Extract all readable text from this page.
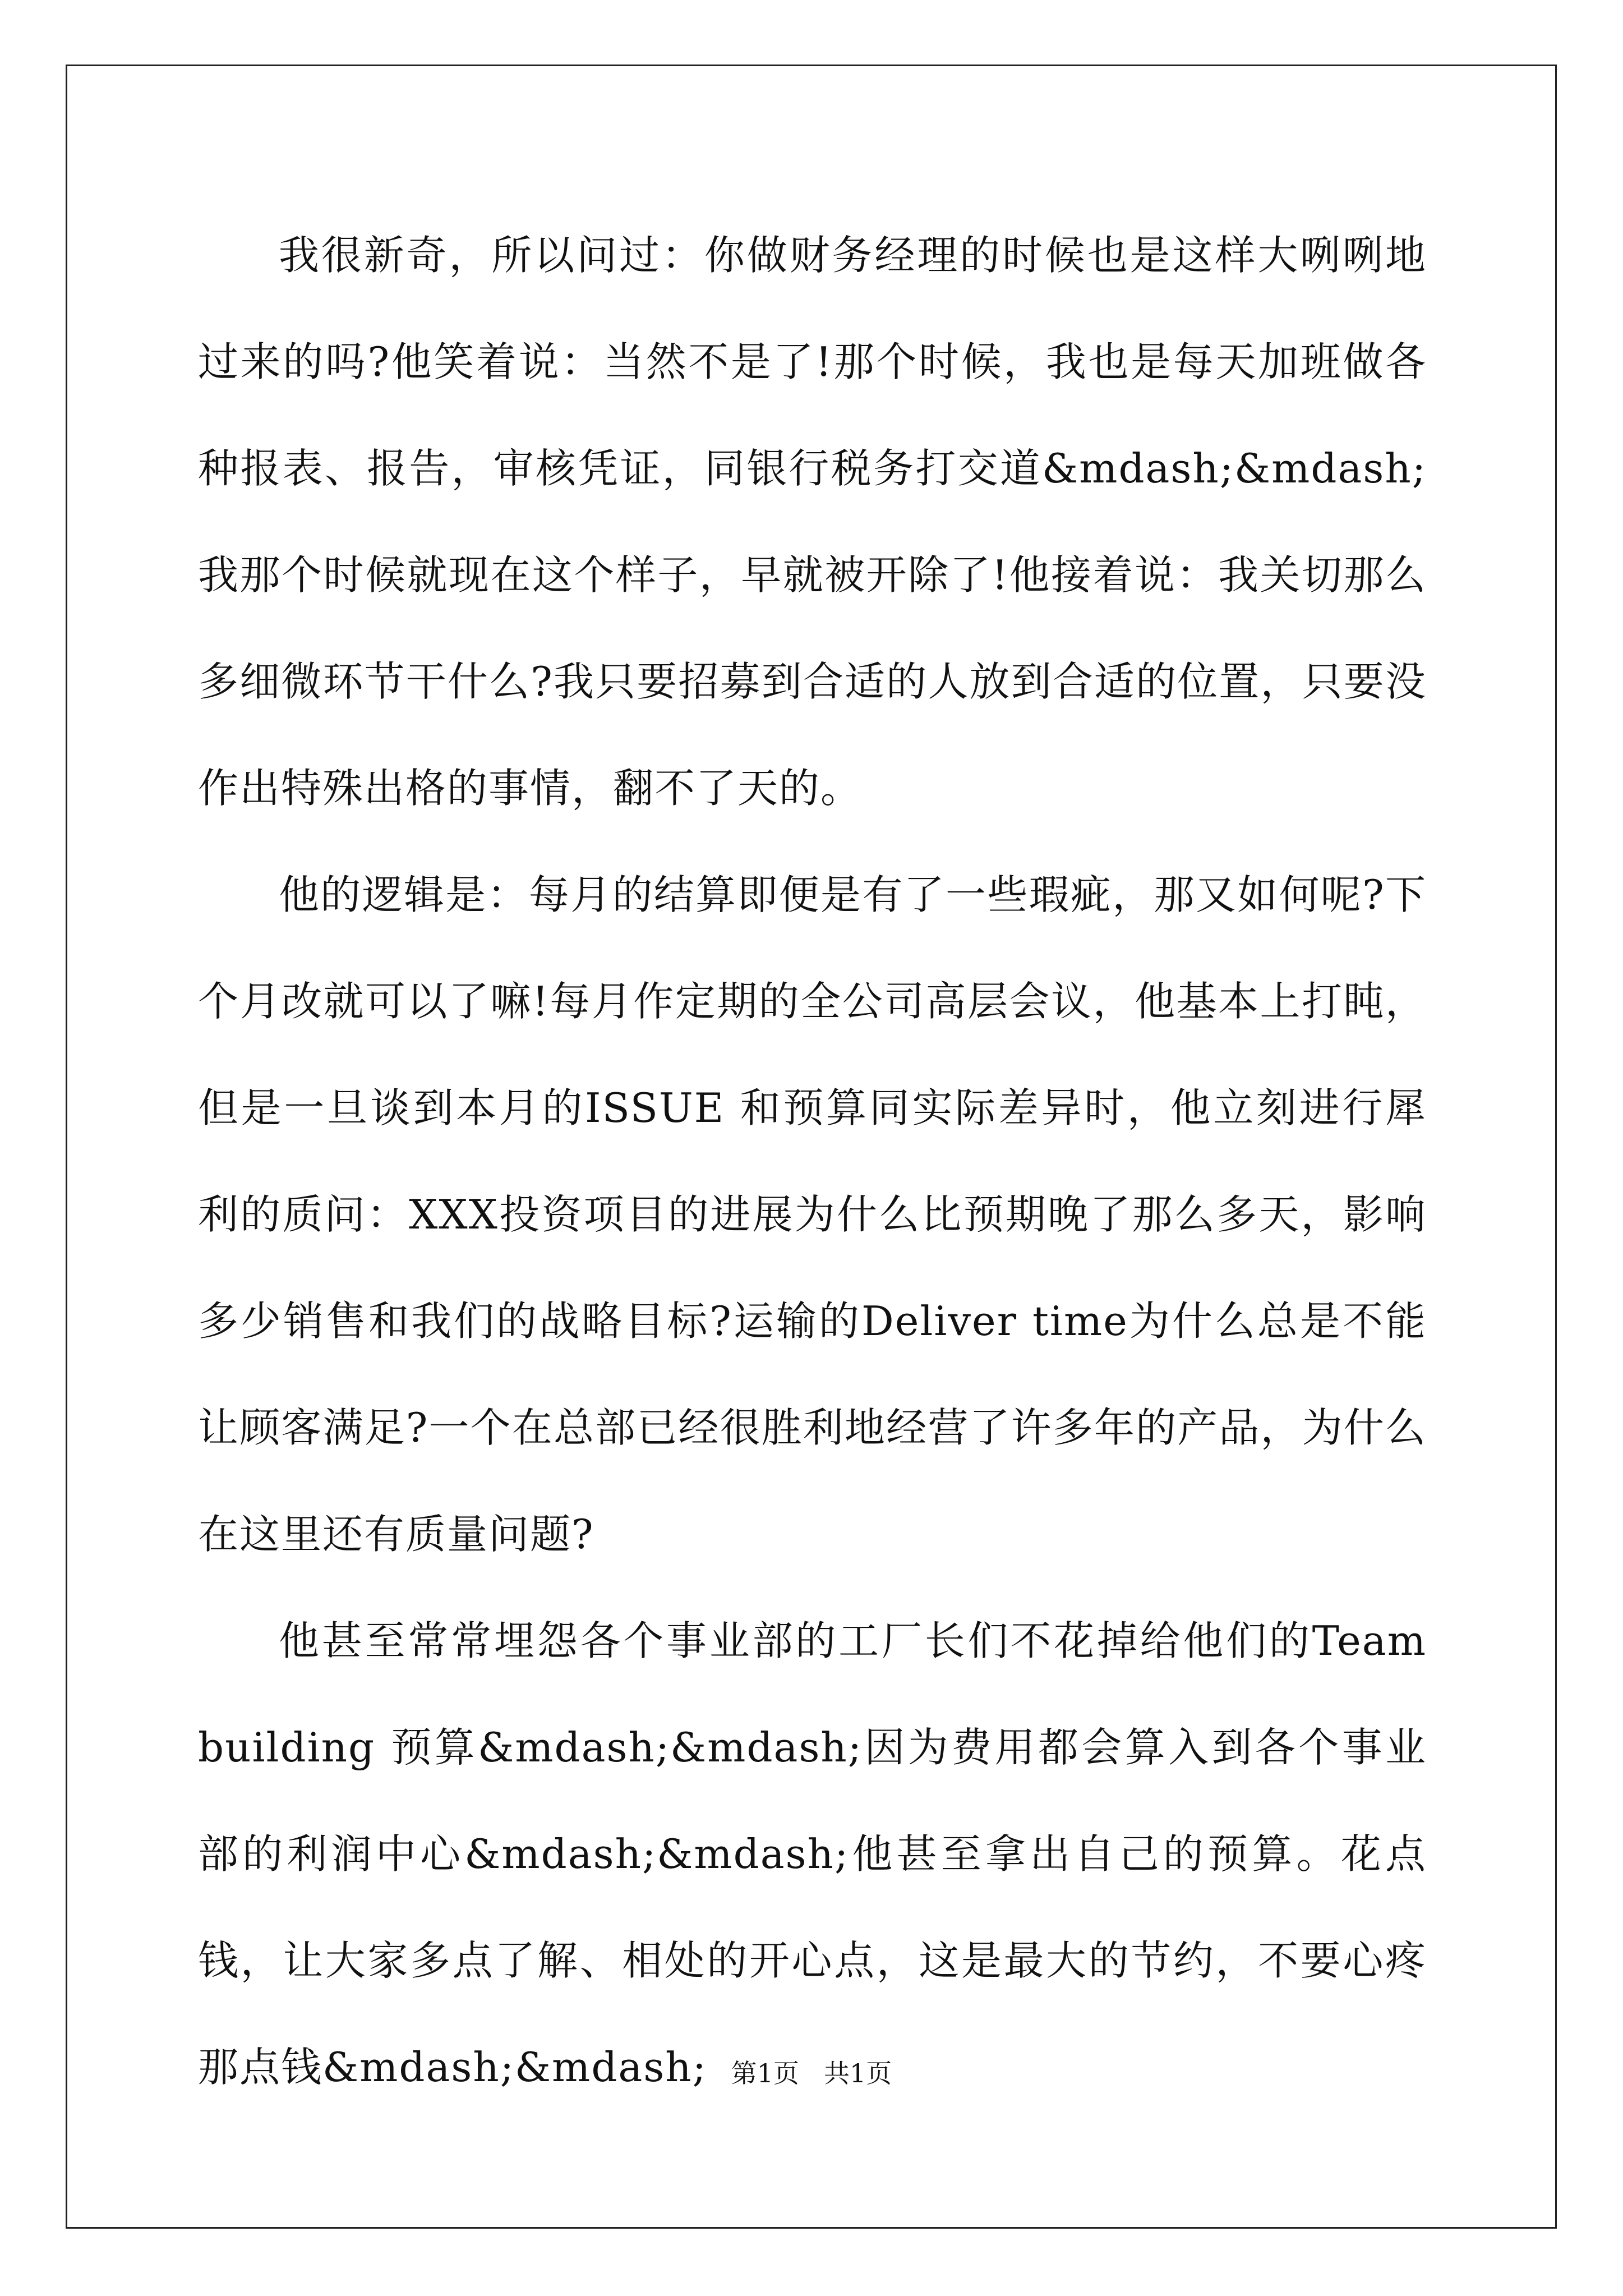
我很新奇，所以问过：你做财务经理的时候也是这样大咧咧地过来的吗?他笑着说：当然不是了!那个时候，我也是每天加班做各种报表、报告，审核凭证，同银行税务打交道&mdash;&mdash;我那个时候就现在这个样子，早就被开除了!他接着说：我关切那么多细微环节干什么?我只要招募到合适的人放到合适的位置，只要没作出特殊出格的事情，翻不了天的。

他的逻辑是：每月的结算即便是有了一些瑕疵，那又如何呢?下个月改就可以了嘛!每月作定期的全公司高层会议，他基本上打盹，但是一旦谈到本月的ISSUE 和预算同实际差异时，他立刻进行犀利的质问：XXX投资项目的进展为什么比预期晚了那么多天，影响多少销售和我们的战略目标?运输的Deliver time为什么总是不能让顾客满足?一个在总部已经很胜利地经营了许多年的产品，为什么在这里还有质量问题?

他甚至常常埋怨各个事业部的工厂长们不花掉给他们的Team building 预算&mdash;&mdash;因为费用都会算入到各个事业部的利润中心&mdash;&mdash;他甚至拿出自己的预算。花点钱，让大家多点了解、相处的开心点，这是最大的节约，不要心疼那点钱&mdash;&mdash; 第1页 共1页
